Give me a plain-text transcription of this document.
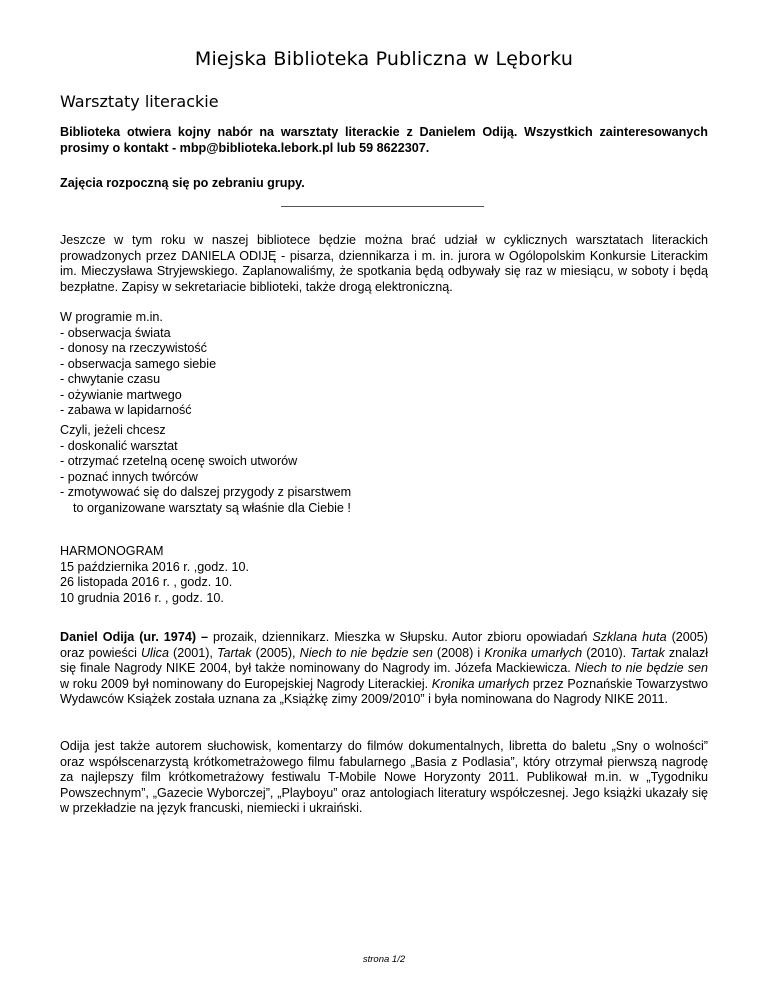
Miejska Biblioteka Publiczna w Lęborku
Warsztaty literackie

Biblioteka otwiera kojny nabór na warsztaty literackie z Danielem Odiją. Wszystkich zainteresowanych prosimy o kontakt - mbp@biblioteka.lebork.pl lub 59 8622307.

Zajęcia rozpoczną się po zebraniu grupy.

Jeszcze w tym roku w naszej bibliotece będzie można brać udział w cyklicznych warsztatach literackich prowadzonych przez DANIELA ODIJĘ - pisarza, dziennikarza i m. in. jurora w Ogólopolskim Konkursie Literackim im. Mieczysława Stryjewskiego. Zaplanowaliśmy, że spotkania będą odbywały się raz w miesiącu, w soboty i będą bezpłatne. Zapisy w sekretariacie biblioteki, także drogą elektroniczną.

W programie m.in.
- obserwacja świata
- donosy na rzeczywistość
- obserwacja samego siebie
- chwytanie czasu
- ożywianie martwego
- zabawa w lapidarność
Czyli, jeżeli chcesz
- doskonalić warsztat
- otrzymać rzetelną ocenę swoich utworów
- poznać innych twórców
- zmotywować się do dalszej przygody z pisarstwem
to organizowane warsztaty są właśnie dla Ciebie !
HARMONOGRAM
15 października 2016 r. ,godz. 10.
26 listopada 2016 r. , godz. 10.
10 grudnia 2016 r. , godz. 10.

Daniel Odija (ur. 1974) – prozaik, dziennikarz. Mieszka w Słupsku. Autor zbioru opowiadań Szklana huta (2005) oraz powieści Ulica (2001), Tartak (2005), Niech to nie będzie sen (2008) i Kronika umarłych (2010). Tartak znalazł się finale Nagrody NIKE 2004, był także nominowany do Nagrody im. Józefa Mackiewicza. Niech to nie będzie sen w roku 2009 był nominowany do Europejskiej Nagrody Literackiej. Kronika umarłych przez Poznańskie Towarzystwo Wydawców Książek została uznana za „Książkę zimy 2009/2010” i była nominowana do Nagrody NIKE 2011.

Odija jest także autorem słuchowisk, komentarzy do filmów dokumentalnych, libretta do baletu „Sny o wolności” oraz współscenarzystą krótkometrażowego filmu fabularnego „Basia z Podlasia”, który otrzymał pierwszą nagrodę za najlepszy film krótkometrażowy festiwalu T-Mobile Nowe Horyzonty 2011. Publikował m.in. w „Tygodniku Powszechnym”, „Gazecie Wyborczej”, „Playboyu” oraz antologiach literatury współczesnej. Jego książki ukazały się w przekładzie na język francuski, niemiecki i ukraiński.

strona 1/2
